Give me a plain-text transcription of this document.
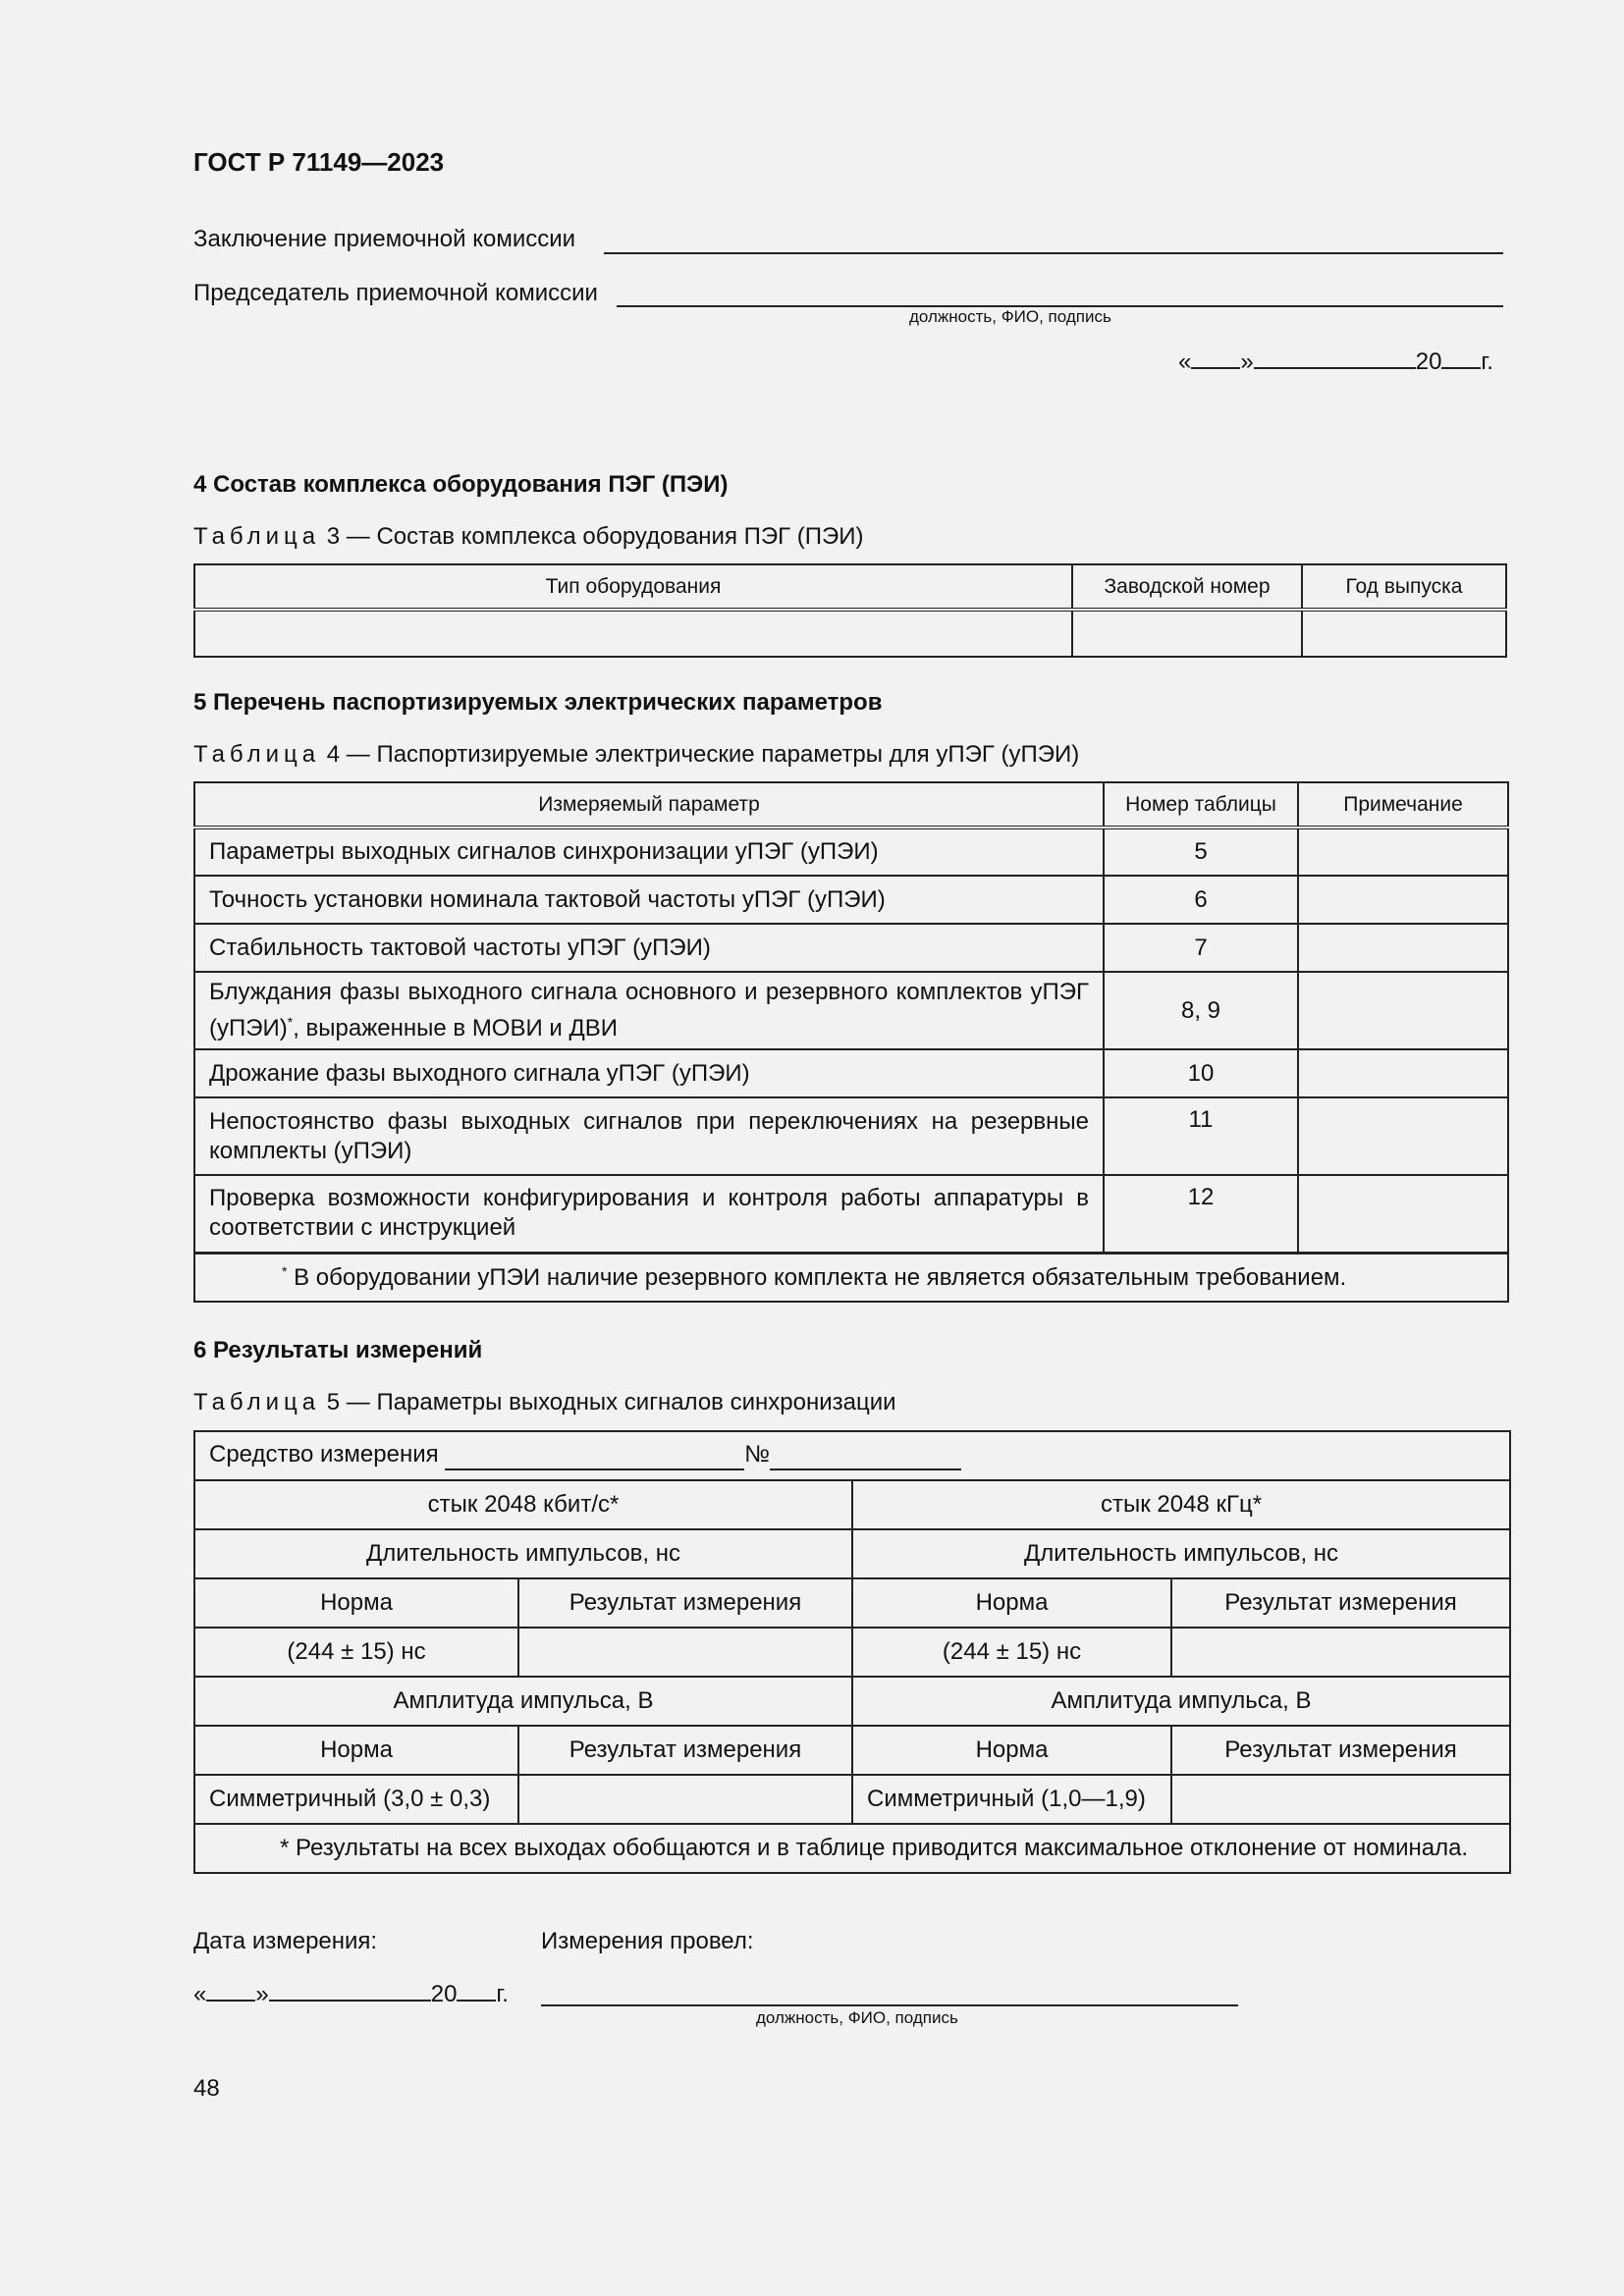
ГОСТ Р 71149—2023
Заключение приемочной комиссии
Председатель приемочной комиссии
должность, ФИО, подпись
« »	20 г.
4 Состав комплекса оборудования ПЭГ (ПЭИ)
Таблица 3 — Состав комплекса оборудования ПЭГ (ПЭИ)
Тип оборудования	Заводской номер	Год выпуска

5 Перечень паспортизируемых электрических параметров
Таблица 4 — Паспортизируемые электрические параметры для уПЭГ (уПЭИ)
Измеряемый параметр	Номер таблицы	Примечание
Параметры выходных сигналов синхронизации уПЭГ (уПЭИ)	5	
Точность установки номинала тактовой частоты уПЭГ (уПЭИ)	6	
Стабильность тактовой частоты уПЭГ (уПЭИ)	7	
Блуждания фазы выходного сигнала основного и резервного комплектов уПЭГ (уПЭИ)*, выраженные в МОВИ и ДВИ	8, 9	
Дрожание фазы выходного сигнала уПЭГ (уПЭИ)	10	
Непостоянство фазы выходных сигналов при переключениях на резервные комплекты (уПЭИ)	11	
Проверка возможности конфигурирования и контроля работы аппаратуры в соответствии с инструкцией	12	
* В оборудовании уПЭИ наличие резервного комплекта не является обязательным требованием.		
6 Результаты измерений
Таблица 5 — Параметры выходных сигналов синхронизации
Средство измерения №			
стык 2048 кбит/с*		стык 2048 кГц*	
Длительность импульсов, нс		Длительность импульсов, нс	
Норма	Результат измерения	Норма	Результат измерения
(244 ± 15) нс		(244 ± 15) нс	
Амплитуда импульса, В		Амплитуда импульса, В	
Норма	Результат измерения	Норма	Результат измерения
Симметричный (3,0 ± 0,3)		Симметричный (1,0—1,9)	
* Результаты на всех выходах обобщаются и в таблице приводится максимальное отклонение от номинала.			
Дата измерения:	Измерения провел:
« »	20 г.
должность, ФИО, подпись
48
